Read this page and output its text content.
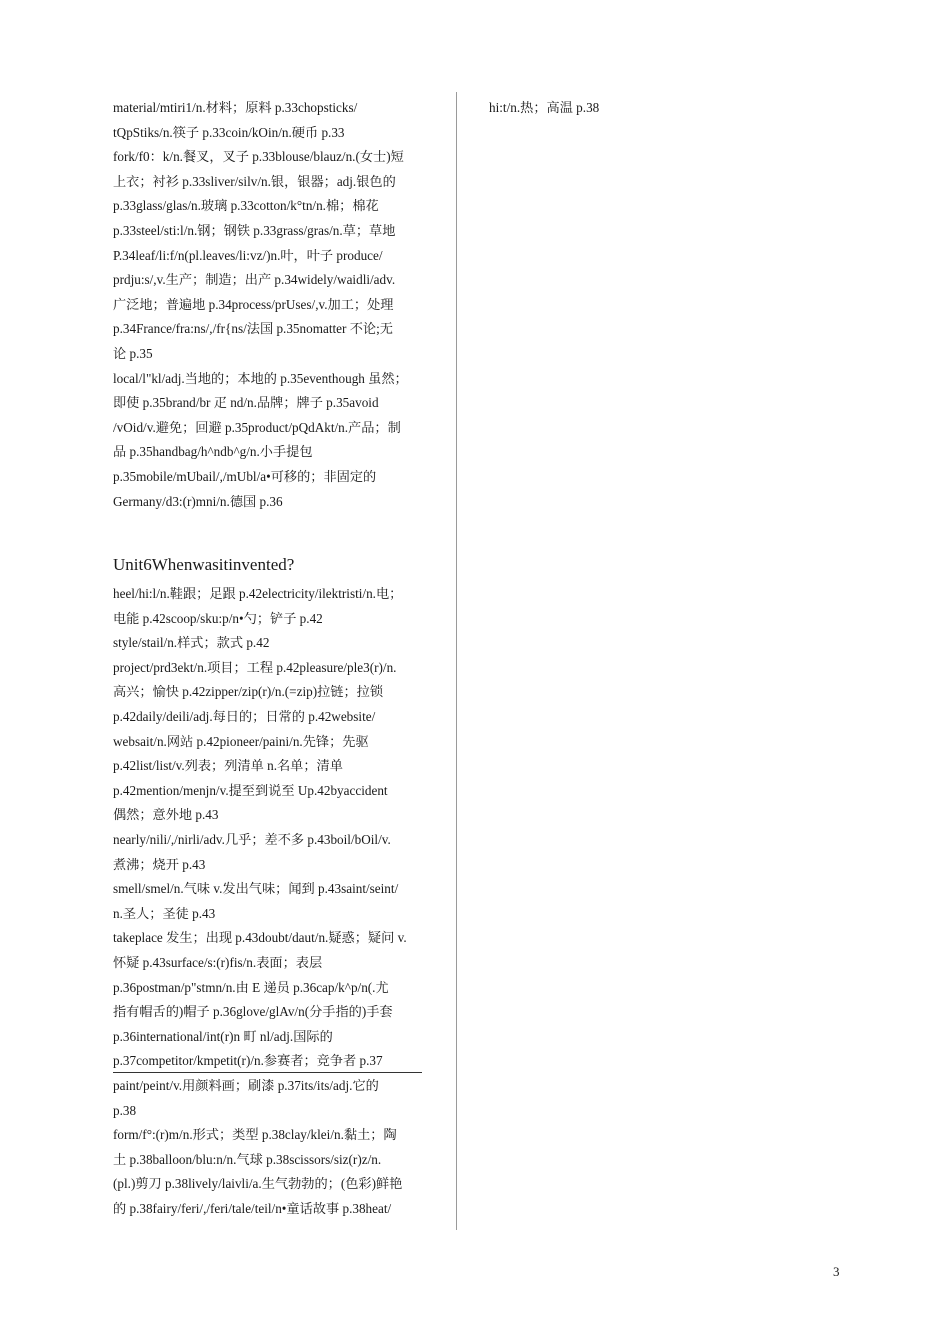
material/mtiri1/n.材料；原料 p.33chopsticks/
tQpStiks/n.筷子 p.33coin/kOin/n.硬币 p.33
fork/f0：k/n.餐叉，叉子 p.33blouse/blauz/n.(女士)短
上衣；衬衫 p.33sliver/silv/n.银，银器；adj.银色的
p.33glass/glas/n.玻璃 p.33cotton/k°tn/n.棉；棉花
p.33steel/sti:l/n.钢；钢铁 p.33grass/gras/n.草；草地
P.34leaf/li:f/n(pl.leaves/li:vz/)n.叶，叶子 produce/
prdju:s/,v.生产；制造；出产 p.34widely/waidli/adv.
广泛地；普遍地 p.34process/prUses/,v.加工；处理
p.34France/fra:ns/,/fr{ns/法国 p.35nomatter 不论;无
论 p.35
local/l"kl/adj.当地的；本地的 p.35eventhough 虽然；
即使 p.35brand/br 疋 nd/n.品牌；牌子 p.35avoid
/vOid/v.避免；回避 p.35product/pQdAkt/n.产品；制
品 p.35handbag/h^ndb^g/n.小手提包
p.35mobile/mUbail/,/mUbl/a•可移的；非固定的
Germany/d3:(r)mni/n.德国 p.36
Unit6Whenwasitinvented?
heel/hi:l/n.鞋跟；足跟 p.42electricity/ilektristi/n.电；
电能 p.42scoop/sku:p/n•勺；铲子 p.42
style/stail/n.样式；款式 p.42
project/prd3ekt/n.项目；工程 p.42pleasure/ple3(r)/n.
高兴；愉快 p.42zipper/zip(r)/n.(=zip)拉链；拉锁
p.42daily/deili/adj.每日的；日常的 p.42website/
websait/n.网站 p.42pioneer/paini/n.先锋；先驱
p.42list/list/v.列表；列清单 n.名单；清单
p.42mention/menjn/v.提至到说至 Up.42byaccident
偶然；意外地 p.43
nearly/nili/,/nirli/adv.几乎；差不多 p.43boil/bOil/v.
煮沸；烧开 p.43
smell/smel/n.气味 v.发出气味；闻到 p.43saint/seint/
n.圣人；圣徒 p.43
takeplace 发生；出现 p.43doubt/daut/n.疑惑；疑问 v.
怀疑 p.43surface/s:(r)fis/n.表面；表层
p.36postman/p"stmn/n.由 E 递员 p.36cap/k^p/n(.尤
指有帽舌的)帽子 p.36glove/glAv/n(分手指的)手套
p.36international/int(r)n 町 nl/adj.国际的
p.37competitor/kmpetit(r)/n.参赛者；竞争者 p.37
paint/peint/v.用颜料画；刷漆 p.37its/its/adj.它的
p.38
form/f°:(r)m/n.形式；类型 p.38clay/klei/n.黏土；陶
土 p.38balloon/blu:n/n.气球 p.38scissors/siz(r)z/n.
(pl.)剪刀 p.38lively/laivli/a.生气勃勃的；(色彩)鲜艳
的 p.38fairy/feri/,/feri/tale/teil/n•童话故事 p.38heat/
hi:t/n.热；高温 p.38
3
